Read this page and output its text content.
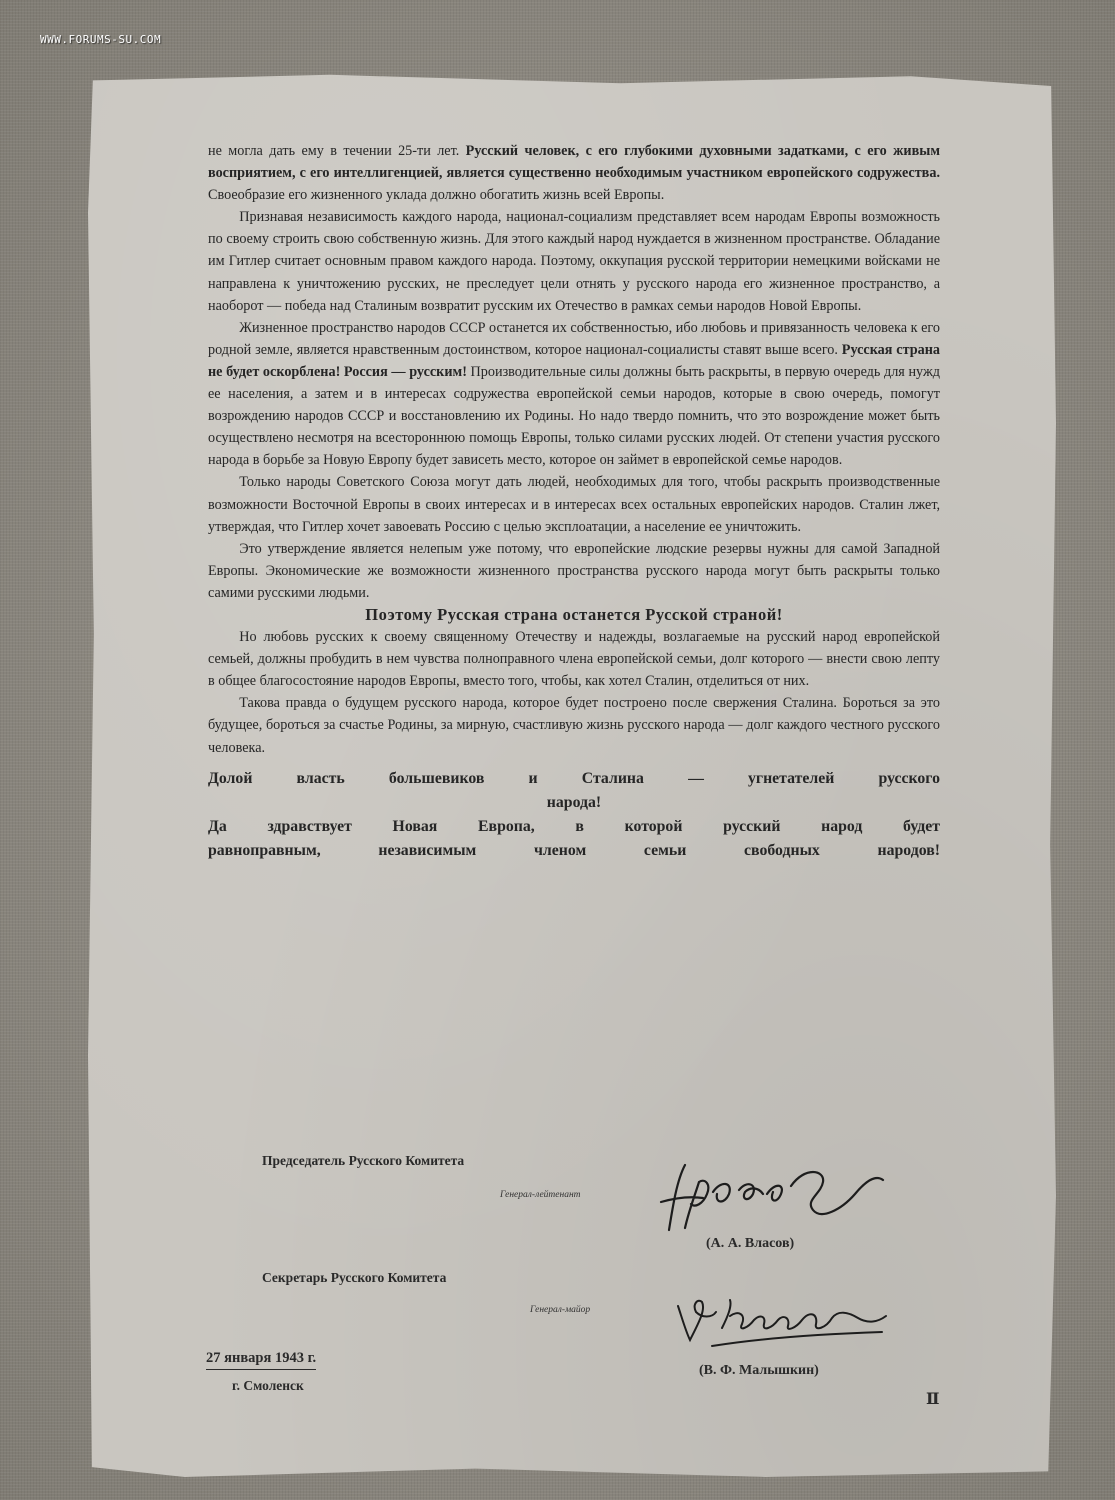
WWW.FORUMS-SU.COM

не могла дать ему в течении 25-ти лет. Русский человек, с его глубокими духовными задатками, с его живым восприятием, с его интеллигенцией, является существенно необходимым участником европейского содружества. Своеобразие его жизненного уклада должно обогатить жизнь всей Европы.

Признавая независимость каждого народа, национал-социализм представляет всем народам Европы возможность по своему строить свою собственную жизнь. Для этого каждый народ нуждается в жизненном пространстве. Обладание им Гитлер считает основным правом каждого народа. Поэтому, оккупация русской территории немецкими войсками не направлена к уничтожению русских, не преследует цели отнять у русского народа его жизненное пространство, а наоборот — победа над Сталиным возвратит русским их Отечество в рамках семьи народов Новой Европы.

Жизненное пространство народов СССР останется их собственностью, ибо любовь и привязанность человека к его родной земле, является нравственным достоинством, которое национал-социалисты ставят выше всего. Русская страна не будет оскорблена! Россия — русским! Производительные силы должны быть раскрыты, в первую очередь для нужд ее населения, а затем и в интересах содружества европейской семьи народов, которые в свою очередь, помогут возрождению народов СССР и восстановлению их Родины. Но надо твердо помнить, что это возрождение может быть осуществлено несмотря на всестороннюю помощь Европы, только силами русских людей. От степени участия русского народа в борьбе за Новую Европу будет зависеть место, которое он займет в европейской семье народов.

Только народы Советского Союза могут дать людей, необходимых для того, чтобы раскрыть производственные возможности Восточной Европы в своих интересах и в интересах всех остальных европейских народов. Сталин лжет, утверждая, что Гитлер хочет завоевать Россию с целью эксплоатации, а население ее уничтожить.

Это утверждение является нелепым уже потому, что европейские людские резервы нужны для самой Западной Европы. Экономические же возможности жизненного пространства русского народа могут быть раскрыты только самими русскими людьми.

Поэтому Русская страна останется Русской страной!

Но любовь русских к своему священному Отечеству и надежды, возлагаемые на русский народ европейской семьей, должны пробудить в нем чувства полноправного члена европейской семьи, долг которого — внести свою лепту в общее благосостояние народов Европы, вместо того, чтобы, как хотел Сталин, отделиться от них.

Такова правда о будущем русского народа, которое будет построено после свержения Сталина. Бороться за это будущее, бороться за счастье Родины, за мирную, счастливую жизнь русского народа — долг каждого честного русского человека.

Долой власть большевиков и Сталина — угнетателей русского
народа!
Да здравствует Новая Европа, в которой русский народ будет
равноправным, независимым членом семьи свободных народов!
Председатель Русского Комитета
Генерал-лейтенант
(А. А. Власов)
Секретарь Русского Комитета
Генерал-майор
(В. Ф. Малышкин)
27 января 1943 г.
г. Смоленск
Ⅱ
